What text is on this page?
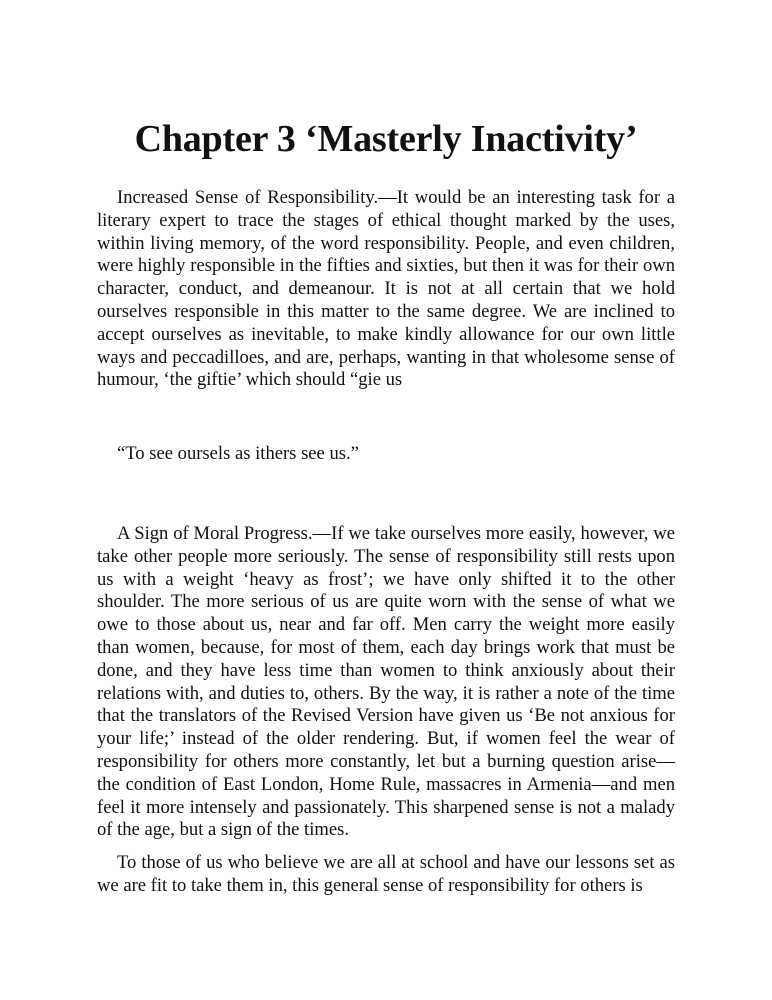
Chapter 3 ‘Masterly Inactivity’

Increased Sense of Responsibility.—It would be an interesting task for a literary expert to trace the stages of ethical thought marked by the uses, within living memory, of the word responsibility. People, and even children, were highly responsible in the fifties and sixties, but then it was for their own character, conduct, and demeanour. It is not at all certain that we hold ourselves responsible in this matter to the same degree. We are inclined to accept ourselves as inevitable, to make kindly allowance for our own little ways and peccadilloes, and are, perhaps, wanting in that wholesome sense of humour, ‘the giftie’ which should “gie us

“To see oursels as ithers see us.”

A Sign of Moral Progress.—If we take ourselves more easily, however, we take other people more seriously. The sense of responsibility still rests upon us with a weight ‘heavy as frost’; we have only shifted it to the other shoulder. The more serious of us are quite worn with the sense of what we owe to those about us, near and far off. Men carry the weight more easily than women, because, for most of them, each day brings work that must be done, and they have less time than women to think anxiously about their relations with, and duties to, others. By the way, it is rather a note of the time that the translators of the Revised Version have given us ‘Be not anxious for your life;’ instead of the older rendering. But, if women feel the wear of responsibility for others more constantly, let but a burning question arise—the condition of East London, Home Rule, massacres in Armenia—and men feel it more intensely and passionately. This sharpened sense is not a malady of the age, but a sign of the times.

To those of us who believe we are all at school and have our lessons set as we are fit to take them in, this general sense of responsibility for others is
